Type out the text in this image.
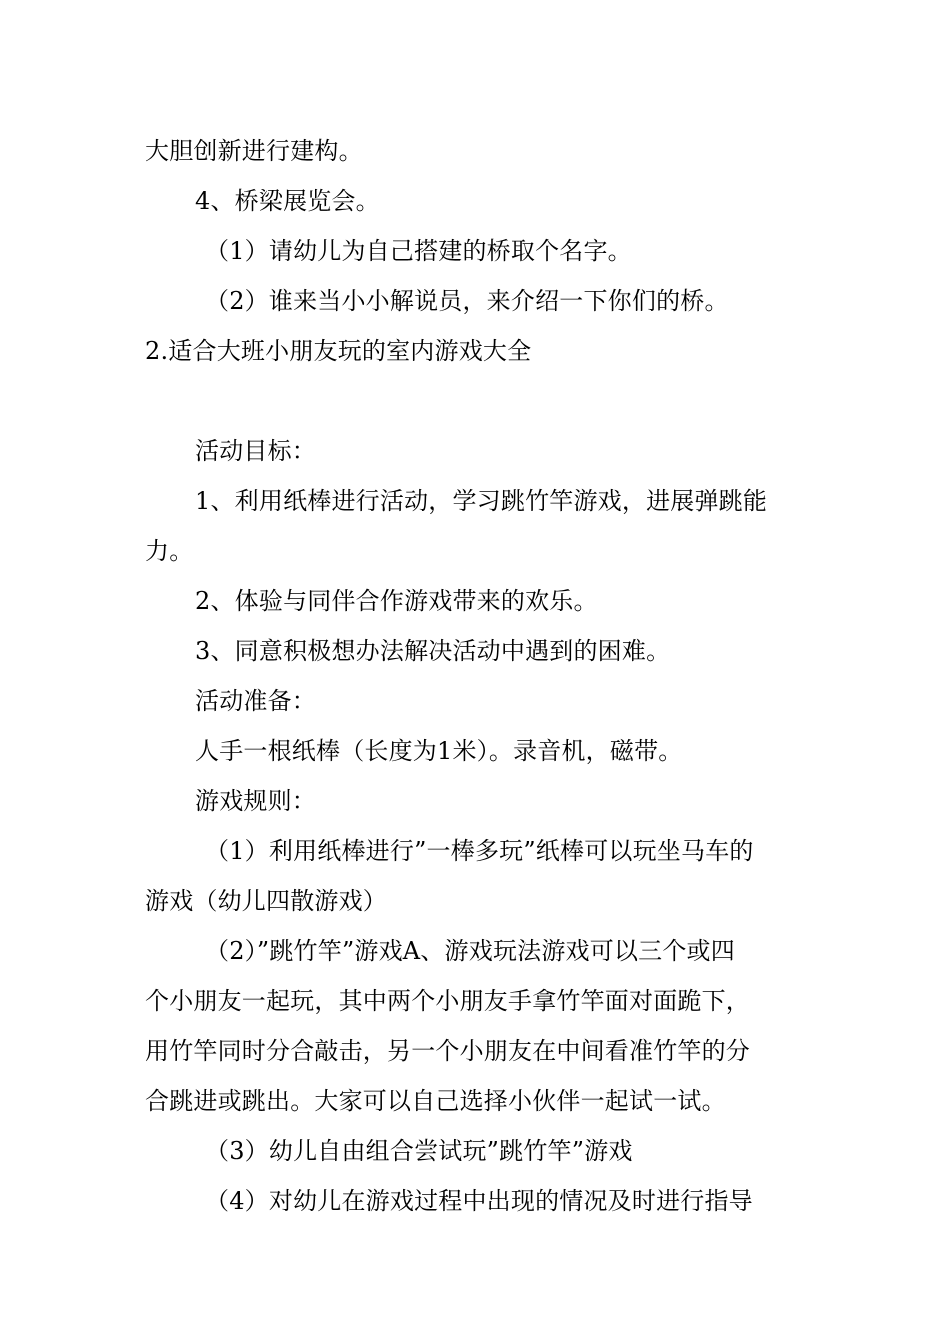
大胆创新进行建构。
4、桥梁展览会。
（1）请幼儿为自己搭建的桥取个名字。
（2）谁来当小小解说员，来介绍一下你们的桥。
2.适合大班小朋友玩的室内游戏大全
活动目标：
1、利用纸棒进行活动，学习跳竹竿游戏，进展弹跳能
力。
2、体验与同伴合作游戏带来的欢乐。
3、同意积极想办法解决活动中遇到的困难。
活动准备：
人手一根纸棒（长度为1米）。录音机，磁带。
游戏规则：
（1）利用纸棒进行”一棒多玩”纸棒可以玩坐马车的
游戏（幼儿四散游戏）
（2）”跳竹竿”游戏A、游戏玩法游戏可以三个或四
个小朋友一起玩，其中两个小朋友手拿竹竿面对面跪下，
用竹竿同时分合敲击，另一个小朋友在中间看准竹竿的分
合跳进或跳出。大家可以自己选择小伙伴一起试一试。
（3）幼儿自由组合尝试玩”跳竹竿”游戏
（4）对幼儿在游戏过程中出现的情况及时进行指导
